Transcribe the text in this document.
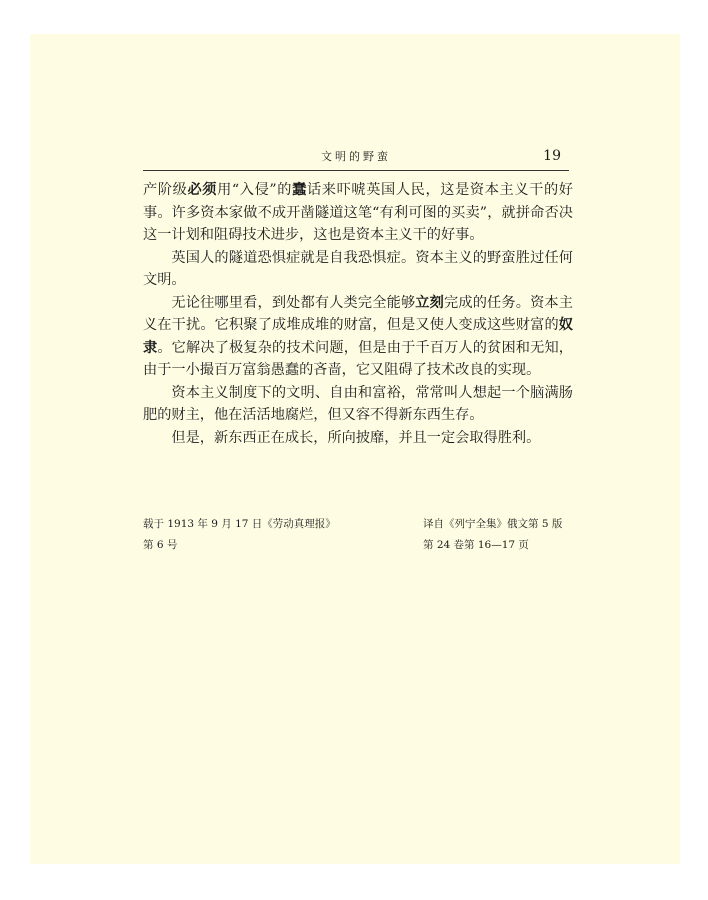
文明的野蛮	19

产阶级必须用“入侵”的蠢话来吓唬英国人民，这是资本主义干的好事。许多资本家做不成开凿隧道这笔“有利可图的买卖”，就拼命否决这一计划和阻碍技术进步，这也是资本主义干的好事。

英国人的隧道恐惧症就是自我恐惧症。资本主义的野蛮胜过任何文明。

无论往哪里看，到处都有人类完全能够立刻完成的任务。资本主义在干扰。它积聚了成堆成堆的财富，但是又使人变成这些财富的奴隶。它解决了极复杂的技术问题，但是由于千百万人的贫困和无知，由于一小撮百万富翁愚蠢的吝啬，它又阻碍了技术改良的实现。

资本主义制度下的文明、自由和富裕，常常叫人想起一个脑满肠肥的财主，他在活活地腐烂，但又容不得新东西生存。

但是，新东西正在成长，所向披靡，并且一定会取得胜利。

载于 1913 年 9 月 17 日《劳动真理报》
第 6 号
译自《列宁全集》俄文第 5 版
第 24 卷第 16—17 页
